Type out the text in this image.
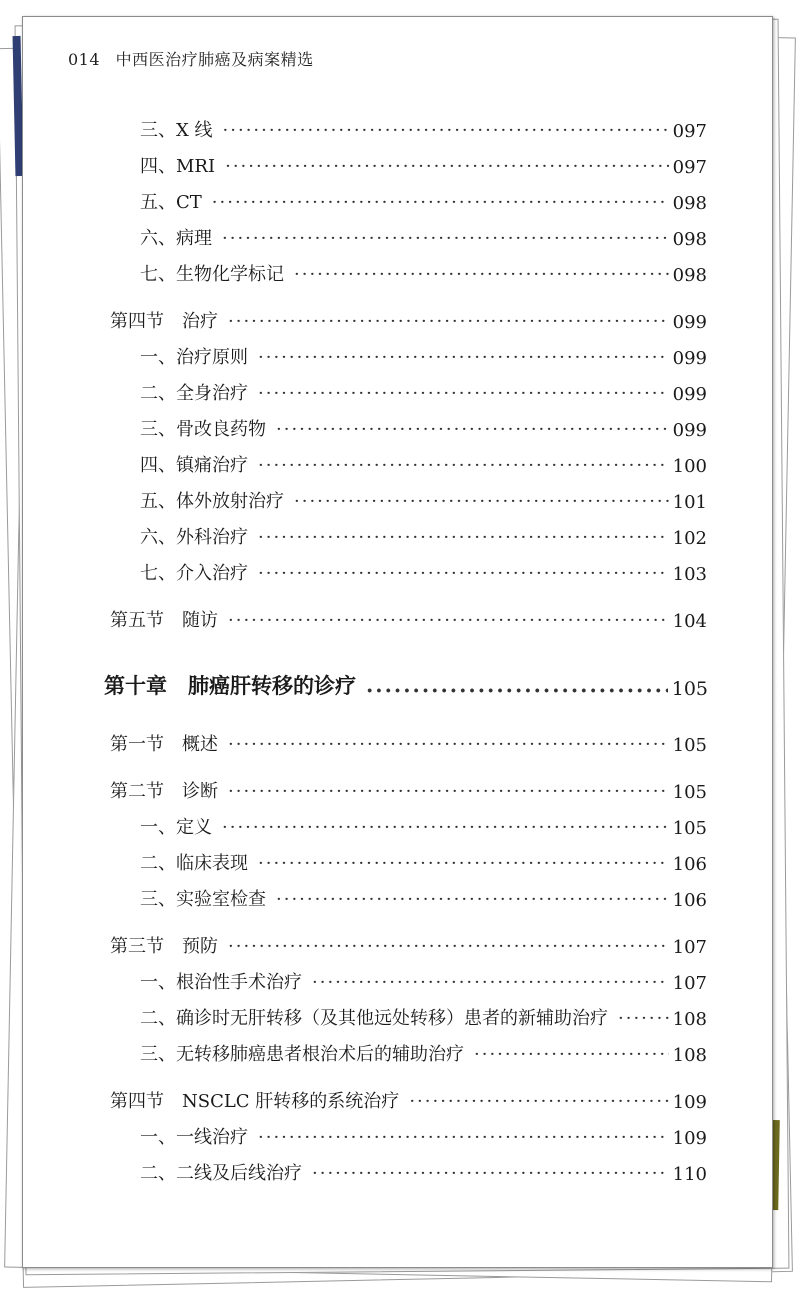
014 中西医治疗肺癌及病案精选
三、X 线 ·····	097
四、MRI ·····	097
五、CT ·····	098
六、病理 ·····	098
七、生物化学标记 ·····	098
第四节　治疗 ·····	099
一、治疗原则 ·····	099
二、全身治疗 ·····	099
三、骨改良药物 ·····	099
四、镇痛治疗 ·····	100
五、体外放射治疗 ·····	101
六、外科治疗 ·····	102
七、介入治疗 ·····	103
第五节　随访 ·····	104
第十章　肺癌肝转移的诊疗 ·····	105
第一节　概述 ·····	105
第二节　诊断 ·····	105
一、定义 ·····	105
二、临床表现 ·····	106
三、实验室检查 ·····	106
第三节　预防 ·····	107
一、根治性手术治疗 ·····	107
二、确诊时无肝转移（及其他远处转移）患者的新辅助治疗 ·····	108
三、无转移肺癌患者根治术后的辅助治疗 ·····	108
第四节　NSCLC 肝转移的系统治疗 ·····	109
一、一线治疗 ·····	109
二、二线及后线治疗 ·····	110
